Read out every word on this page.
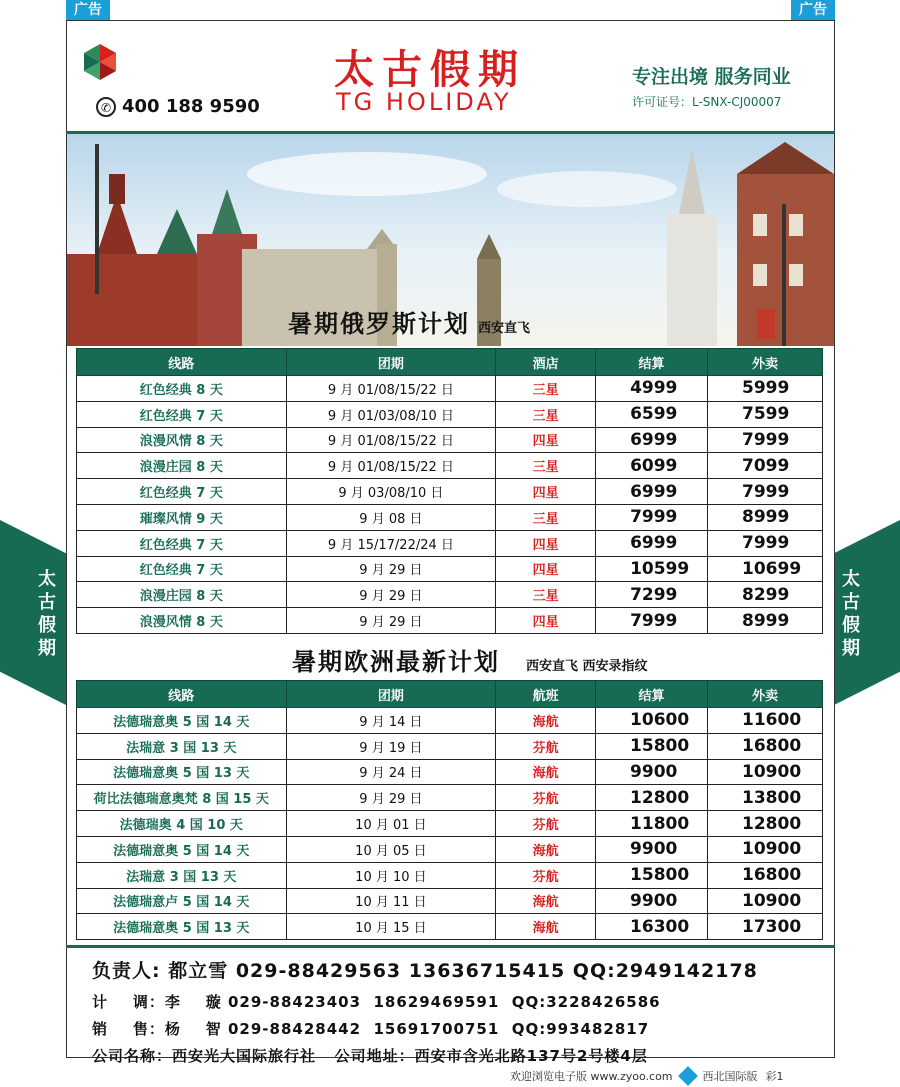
广告	广告
太
古
假
期
太
古
假
期
✆ 400 188 9590
太古假期
TG HOLIDAY
专注出境 服务同业
许可证号：L-SNX-CJ00007
暑期俄罗斯计划 西安直飞
线路	团期	酒店	结算	外卖
红色经典 8 天	9 月 01/08/15/22 日	三星	4999	5999
红色经典 7 天	9 月 01/03/08/10 日	三星	6599	7599
浪漫风情 8 天	9 月 01/08/15/22 日	四星	6999	7999
浪漫庄园 8 天	9 月 01/08/15/22 日	三星	6099	7099
红色经典 7 天	9 月 03/08/10 日	四星	6999	7999
璀璨风情 9 天	9 月 08 日	三星	7999	8999
红色经典 7 天	9 月 15/17/22/24 日	四星	6999	7999
红色经典 7 天	9 月 29 日	四星	10599	10699
浪漫庄园 8 天	9 月 29 日	三星	7299	8299
浪漫风情 8 天	9 月 29 日	四星	7999	8999
暑期欧洲最新计划 西安直飞 西安录指纹
线路	团期	航班	结算	外卖
法德瑞意奥 5 国 14 天	9 月 14 日	海航	10600	11600
法瑞意 3 国 13 天	9 月 19 日	芬航	15800	16800
法德瑞意奥 5 国 13 天	9 月 24 日	海航	9900	10900
荷比法德瑞意奥梵 8 国 15 天	9 月 29 日	芬航	12800	13800
法德瑞奥 4 国 10 天	10 月 01 日	芬航	11800	12800
法德瑞意奥 5 国 14 天	10 月 05 日	海航	9900	10900
法瑞意 3 国 13 天	10 月 10 日	芬航	15800	16800
法德瑞意卢 5 国 14 天	10 月 11 日	海航	9900	10900
法德瑞意奥 5 国 13 天	10 月 15 日	海航	16300	17300
负责人: 都立雪 029-88429563 13636715415 QQ:2949142178
计    调：李    璇 029-88423403  18629469591  QQ:3228426586
销    售：杨    智 029-88428442  15691700751  QQ:993482817
公司名称：西安光大国际旅行社   公司地址：西安市含光北路137号2号楼4层
欢迎浏览电子版 www.zyoo.com	西北国际版 彩1
